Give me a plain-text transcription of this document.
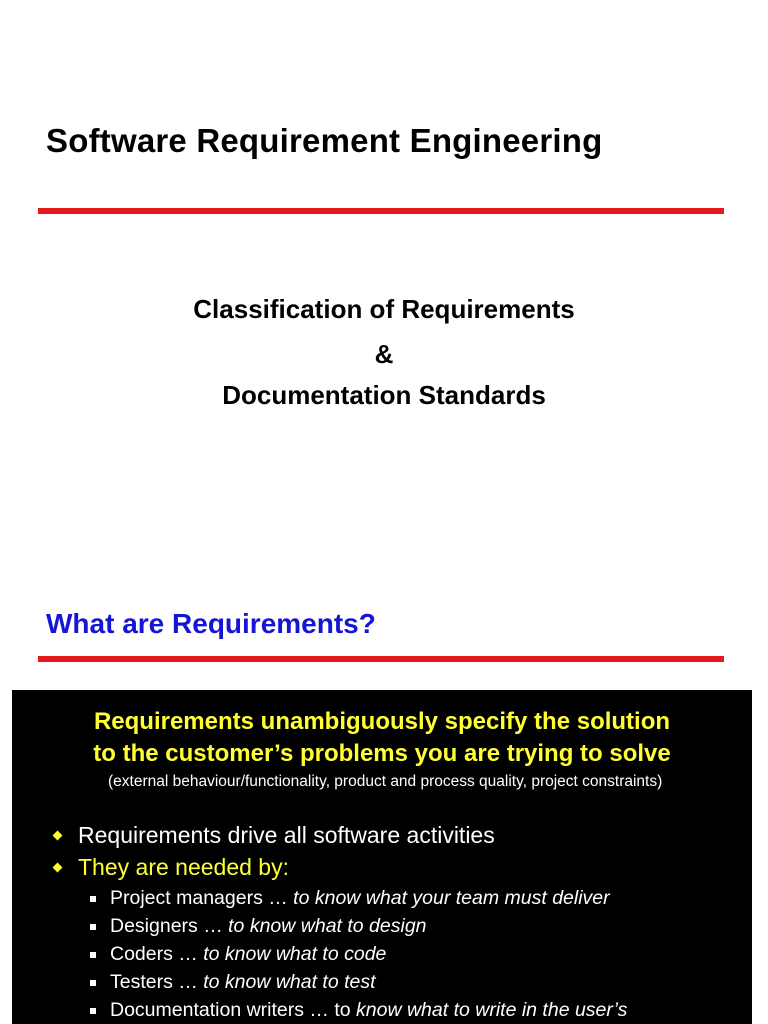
Software Requirement Engineering
Classification of Requirements
&
Documentation Standards
What are Requirements?
Requirements unambiguously specify the solution
to the customer’s problems you are trying to solve
(external behaviour/functionality, product and process quality, project constraints)
Requirements drive all software activities
They are needed by:
Project managers …
to know what your team must deliver
Designers …
to know what to design
Coders …
to know what to code
Testers …
to know what to test
Documentation writers … to
know what to write in the user’s
